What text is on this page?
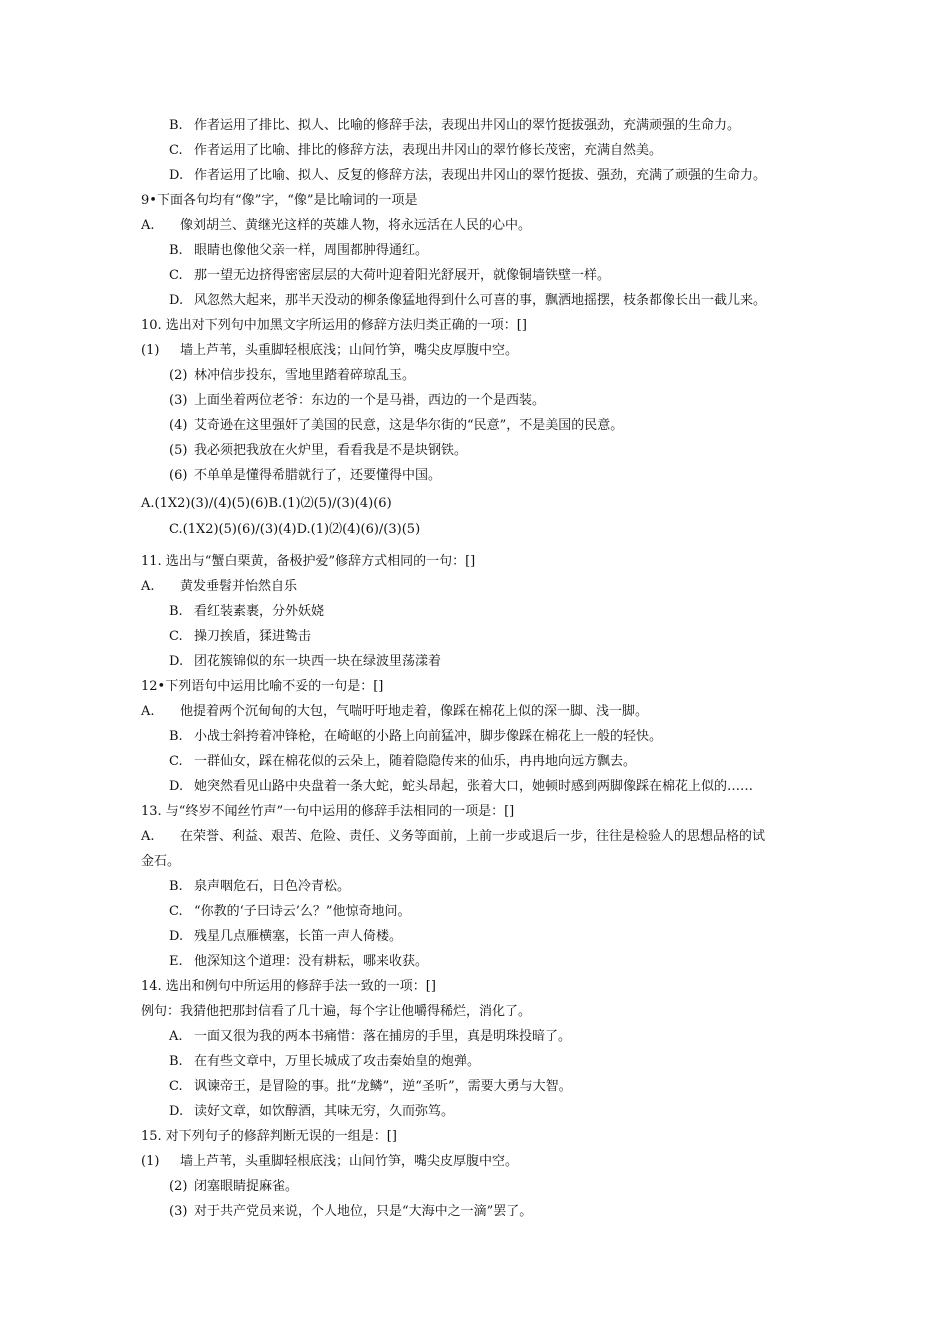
B. 作者运用了排比、拟人、比喻的修辞手法，表现出井冈山的翠竹挺拔强劲，充满顽强的生命力。
C. 作者运用了比喻、排比的修辞方法，表现出井冈山的翠竹修长茂密，充满自然美。
D. 作者运用了比喻、拟人、反复的修辞方法，表现出井冈山的翠竹挺拔、强劲，充满了顽强的生命力。
9•下面各句均有“像”字，“像”是比喻词的一项是
A. 像刘胡兰、黄继光这样的英雄人物，将永远活在人民的心中。
B. 眼睛也像他父亲一样，周围都肿得通红。
C. 那一望无边挤得密密层层的大荷叶迎着阳光舒展开，就像铜墙铁壁一样。
D. 风忽然大起来，那半天没动的柳条像猛地得到什么可喜的事，飘洒地摇摆，枝条都像长出一截儿来。
10. 选出对下列句中加黑文字所运用的修辞方法归类正确的一项：[]
(1) 墙上芦苇，头重脚轻根底浅；山间竹笋，嘴尖皮厚腹中空。
(2) 林冲信步投东，雪地里踏着碎琼乱玉。
(3) 上面坐着两位老爷：东边的一个是马褂，西边的一个是西装。
(4) 艾奇逊在这里强奸了美国的民意，这是华尔街的“民意”，不是美国的民意。
(5) 我必须把我放在火炉里，看看我是不是块钢铁。
(6) 不单单是懂得希腊就行了，还要懂得中国。
A.(1X2)(3)/(4)(5)(6)B.(1)⑵(5)/(3)(4)(6)
C.(1X2)(5)(6)/(3)(4)D.(1)⑵(4)(6)/(3)(5)
11. 选出与“蟹白栗黄，备极护爱”修辞方式相同的一句：[]
A. 黄发垂髫并怡然自乐
B. 看红装素裹，分外妖娆
C. 操刀挨盾，猱进鸷击
D. 团花簇锦似的东一块西一块在绿波里荡漾着
12•下列语句中运用比喻不妥的一句是：[]
A. 他提着两个沉甸甸的大包，气喘吁吁地走着，像踩在棉花上似的深一脚、浅一脚。
B. 小战士斜挎着冲锋枪，在崎岖的小路上向前猛冲，脚步像踩在棉花上一般的轻快。
C. 一群仙女，踩在棉花似的云朵上，随着隐隐传来的仙乐，冉冉地向远方飘去。
D. 她突然看见山路中央盘着一条大蛇，蛇头昂起，张着大口，她顿时感到两脚像踩在棉花上似的……
13. 与“终岁不闻丝竹声”一句中运用的修辞手法相同的一项是：[]
A. 在荣誉、利益、艰苦、危险、责任、义务等面前，上前一步或退后一步，往往是检验人的思想品格的试
金石。
B. 泉声咽危石，日色冷青松。
C. “你教的‘子曰诗云’么？”他惊奇地问。
D. 残星几点雁横塞，长笛一声人倚楼。
E. 他深知这个道理：没有耕耘，哪来收获。
14. 选出和例句中所运用的修辞手法一致的一项：[]
例句：我猜他把那封信看了几十遍，每个字让他嚼得稀烂，消化了。
A. 一面又很为我的两本书痛惜：落在捕房的手里，真是明珠投暗了。
B. 在有些文章中，万里长城成了攻击秦始皇的炮弹。
C. 讽谏帝王，是冒险的事。批“龙鳞”，逆“圣听”，需要大勇与大智。
D. 读好文章，如饮醇酒，其味无穷，久而弥笃。
15. 对下列句子的修辞判断无误的一组是：[]
(1) 墙上芦苇，头重脚轻根底浅；山间竹笋，嘴尖皮厚腹中空。
(2) 闭塞眼睛捉麻雀。
(3) 对于共产党员来说，个人地位，只是“大海中之一滴”罢了。
